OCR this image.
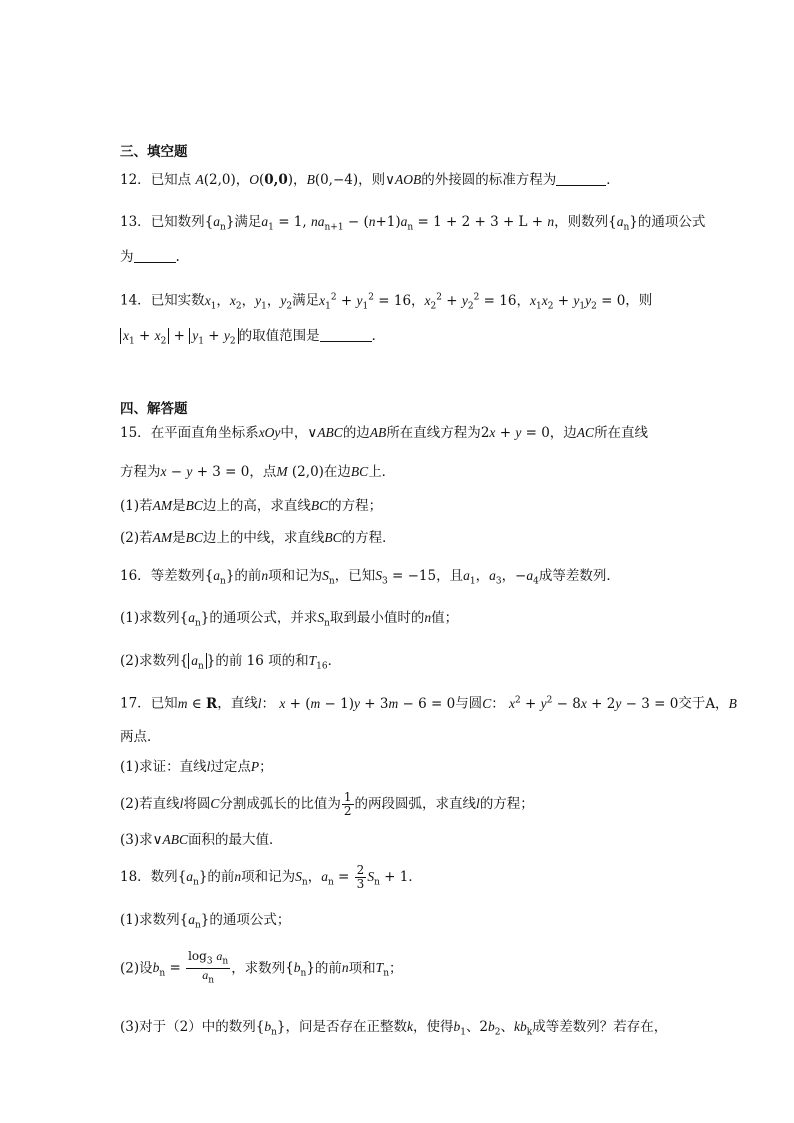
三、填空题
12．已知点 A(2,0)，O(0,0)，B(0,−4)，则∨AOB的外接圆的标准方程为	．
13．已知数列$\{a_n\}$满足$a_1 = 1$, $na_{n+1} - (n+1)a_n = 1 + 2 + 3 + L + n$，则数列$\{a_n\}$的通项公式
为	.
14．已知实数$x_1$，$x_2$，$y_1$，$y_2$满足$x_1^2 + y_1^2 = 16$，$x_2^2 + y_2^2 = 16$，$x_1x_2 + y_1y_2 = 0$，则
$x_1 + x_2 + y_1 + y_2$ 的取值范围是	．
四、解答题
15．在平面直角坐标系xOy中，∨ABC的边AB所在直线方程为2x + y = 0，边AC所在直线
方程为x − y + 3 = 0，点M (2,0)在边BC上．
(1)若AM是BC边上的高，求直线BC的方程；
(2)若AM是BC边上的中线，求直线BC的方程．
16．等差数列$\{a_n\}$的前n项和记为$S_n$，已知$S_3 = -15$，且$a_1$，$a_3$，$-a_4$成等差数列．
(1)求数列$\{a_n\}$的通项公式，并求$S_n$取到最小值时的n值；
(2)求数列{ $a_n$ }的前 16 项的和$T_{16}$．
17．已知m ∈ R，直线l： x + (m − 1)y + 3m − 6 = 0与圆C： $x^2 + y^2 - 8x + 2y - 3 = 0$交于A，B
两点．
(1)求证：直线l过定点P；
(2)若直线l将圆C分割成弧长的比值为 $\frac{1}{2}$ 的两段圆弧，求直线l的方程；
(3)求∨ABC面积的最大值．
18．数列$\{a_n\}$的前n项和记为$S_n$，$a_n = \frac{2}{3} S_n + 1$．
(1)求数列$\{a_n\}$的通项公式；
(2)设$b_n = \frac{\log_3 a_n}{a_n}$ ，求数列$\{b_n\}$的前n项和$T_n$；
(3)对于（2）中的数列$\{b_n\}$，问是否存在正整数k，使得$b_1$、$2b_2$、$kb_k$成等差数列？若存在，
